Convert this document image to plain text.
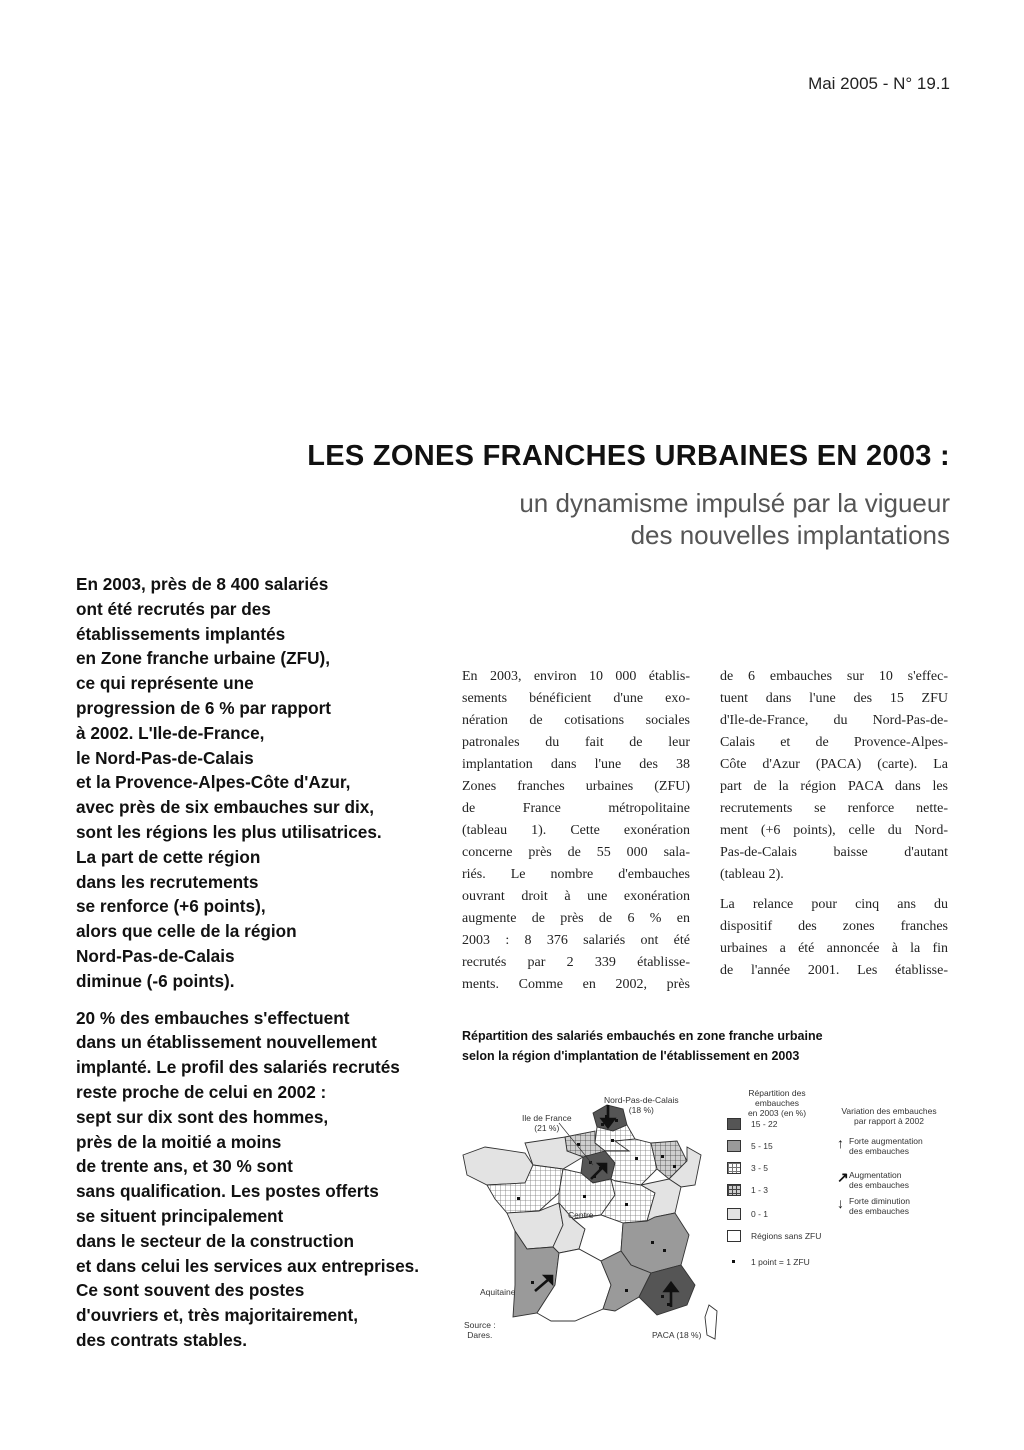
Mai 2005 - N° 19.1
LES ZONES FRANCHES URBAINES EN 2003 :
un dynamisme impulsé par la vigueur
des nouvelles implantations

En 2003, près de 8 400 salariés
ont été recrutés par des
établissements implantés
en Zone franche urbaine (ZFU),
ce qui représente une
progression de 6 % par rapport
à 2002. L'Ile-de-France,
le Nord-Pas-de-Calais
et la Provence-Alpes-Côte d'Azur,
avec près de six embauches sur dix,
sont les régions les plus utilisatrices.
La part de cette région
dans les recrutements
se renforce (+6 points),
alors que celle de la région
Nord-Pas-de-Calais
diminue (-6 points).

20 % des embauches s'effectuent
dans un établissement nouvellement
implanté. Le profil des salariés recrutés
reste proche de celui en 2002 :
sept sur dix sont des hommes,
près de la moitié a moins
de trente ans, et 30 % sont
sans qualification. Les postes offerts
se situent principalement
dans le secteur de la construction
et dans celui les services aux entreprises.
Ce sont souvent des postes
d'ouvriers et, très majoritairement,
des contrats stables.

En 2003, environ 10 000 établis-
sements bénéficient d'une exo-
nération de cotisations sociales
patronales du fait de leur
implantation dans l'une des 38
Zones franches urbaines (ZFU)
de France métropolitaine
(tableau 1). Cette exonération
concerne près de 55 000 sala-
riés. Le nombre d'embauches
ouvrant droit à une exonération
augmente de près de 6 % en
2003 : 8 376 salariés ont été
recrutés par 2 339 établisse-
ments. Comme en 2002, près

de 6 embauches sur 10 s'effec-
tuent dans l'une des 15 ZFU
d'Ile-de-France, du Nord-Pas-de-
Calais et de Provence-Alpes-
Côte d'Azur (PACA) (carte). La
part de la région PACA dans les
recrutements se renforce nette-
ment (+6 points), celle du Nord-
Pas-de-Calais baisse d'autant
(tableau 2).

La relance pour cinq ans du
dispositif des zones franches
urbaines a été annoncée à la fin
de l'année 2001. Les établisse-

Répartition des salariés embauchés en zone franche urbaine
selon la région d'implantation de l'établissement en 2003
Nord-Pas-de-Calais
(18 %)
Ile de France
(21 %)
Centre
Aquitaine
Source :
Dares.	PACA (18 %)
Répartition des embauches
en 2003 (en %)
15 - 22
5 - 15
3 - 5
1 - 3
0 - 1
Régions sans ZFU
1 point = 1 ZFU
Variation des embauches
par rapport à 2002
↑ Forte augmentation
des embauches
↗ Augmentation
des embauches
↓ Forte diminution
des embauches
